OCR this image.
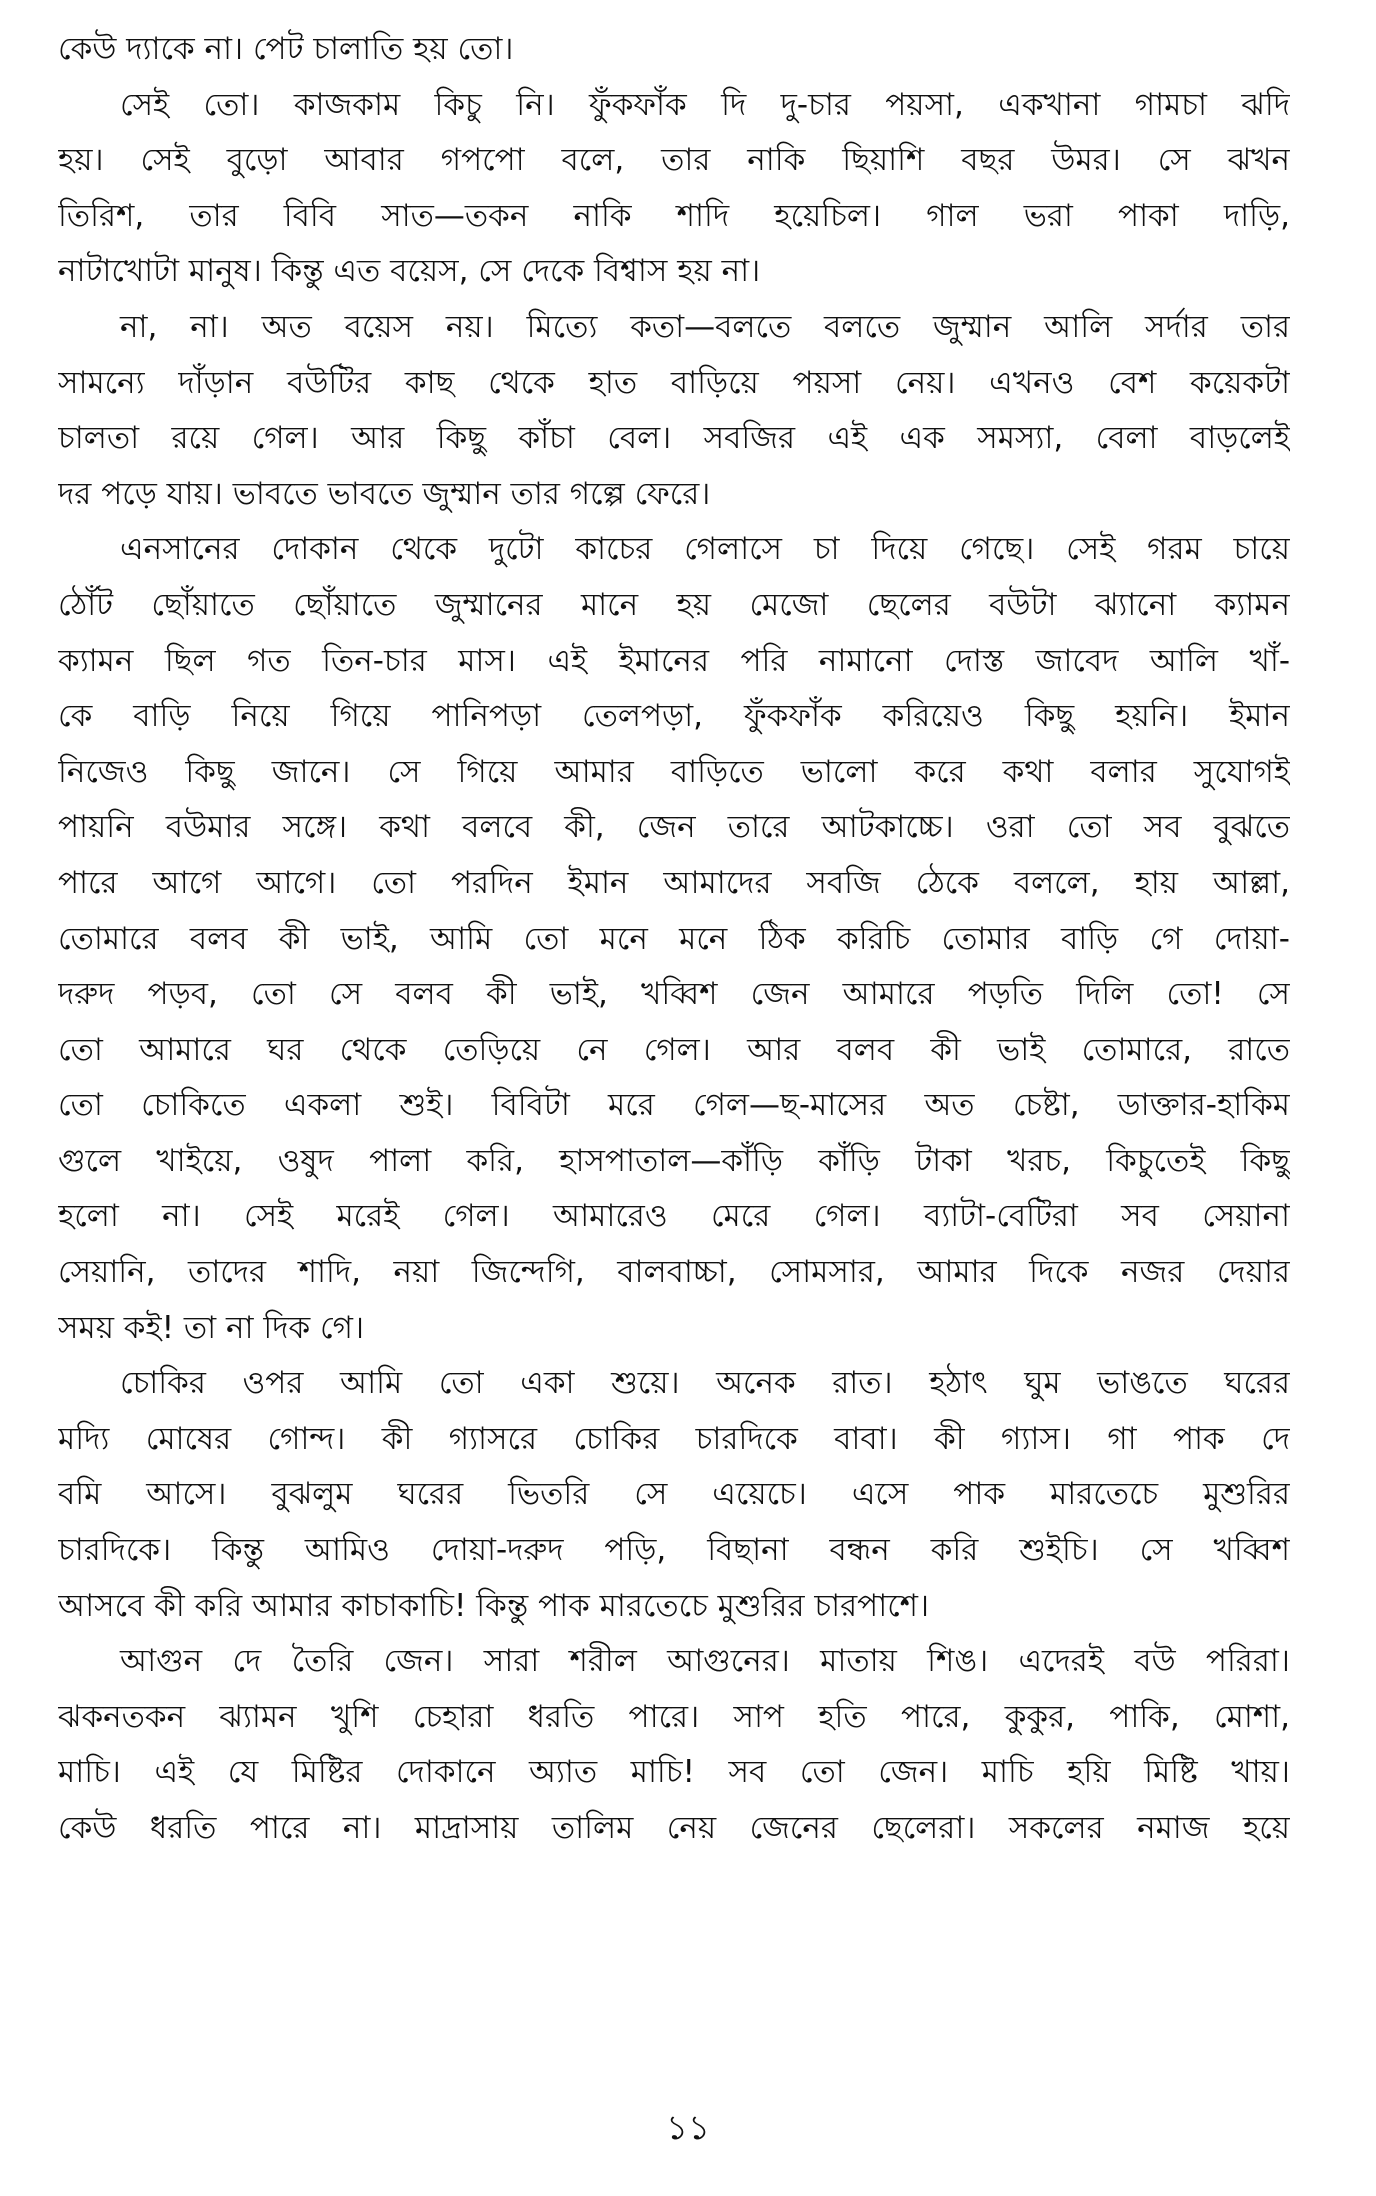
কেউ দ্যাকে না। পেট চালাতি হয় তো।
সেই তো। কাজকাম কিচু নি। ফুঁকফাঁক দি দু-চার পয়সা, একখানা গামচা ঝদি
হয়। সেই বুড়ো আবার গপপো বলে, তার নাকি ছিয়াশি বছর উমর। সে ঝখন
তিরিশ, তার বিবি সাত—তকন নাকি শাদি হয়েচিল। গাল ভরা পাকা দাড়ি,
নাটাখোটা মানুষ। কিন্তু এত বয়েস, সে দেকে বিশ্বাস হয় না।
না, না। অত বয়েস নয়। মিত্যে কতা—বলতে বলতে জুম্মান আলি সর্দার তার
সামন্যে দাঁড়ান বউটির কাছ থেকে হাত বাড়িয়ে পয়সা নেয়। এখনও বেশ কয়েকটা
চালতা রয়ে গেল। আর কিছু কাঁচা বেল। সবজির এই এক সমস্যা, বেলা বাড়লেই
দর পড়ে যায়। ভাবতে ভাবতে জুম্মান তার গল্পে ফেরে।
এনসানের দোকান থেকে দুটো কাচের গেলাসে চা দিয়ে গেছে। সেই গরম চায়ে
ঠোঁট ছোঁয়াতে ছোঁয়াতে জুম্মানের মানে হয় মেজো ছেলের বউটা ঝ্যানো ক্যামন
ক্যামন ছিল গত তিন-চার মাস। এই ইমানের পরি নামানো দোস্ত জাবেদ আলি খাঁ-
কে বাড়ি নিয়ে গিয়ে পানিপড়া তেলপড়া, ফুঁকফাঁক করিয়েও কিছু হয়নি। ইমান
নিজেও কিছু জানে। সে গিয়ে আমার বাড়িতে ভালো করে কথা বলার সুযোগই
পায়নি বউমার সঙ্গে। কথা বলবে কী, জেন তারে আটকাচ্চে। ওরা তো সব বুঝতে
পারে আগে আগে। তো পরদিন ইমান আমাদের সবজি ঠেকে বললে, হায় আল্লা,
তোমারে বলব কী ভাই, আমি তো মনে মনে ঠিক করিচি তোমার বাড়ি গে দোয়া-
দরুদ পড়ব, তো সে বলব কী ভাই, খব্বিশ জেন আমারে পড়তি দিলি তো! সে
তো আমারে ঘর থেকে তেড়িয়ে নে গেল। আর বলব কী ভাই তোমারে, রাতে
তো চোকিতে একলা শুই। বিবিটা মরে গেল—ছ-মাসের অত চেষ্টা, ডাক্তার-হাকিম
গুলে খাইয়ে, ওষুদ পালা করি, হাসপাতাল—কাঁড়ি কাঁড়ি টাকা খরচ, কিচুতেই কিছু
হলো না। সেই মরেই গেল। আমারেও মেরে গেল। ব্যাটা-বেটিরা সব সেয়ানা
সেয়ানি, তাদের শাদি, নয়া জিন্দেগি, বালবাচ্চা, সোমসার, আমার দিকে নজর দেয়ার
সময় কই! তা না দিক গে।
চোকির ওপর আমি তো একা শুয়ে। অনেক রাত। হঠাৎ ঘুম ভাঙতে ঘরের
মদ্যি মোষের গোন্দ। কী গ্যাসরে চোকির চারদিকে বাবা। কী গ্যাস। গা পাক দে
বমি আসে। বুঝলুম ঘরের ভিতরি সে এয়েচে। এসে পাক মারতেচে মুশুরির
চারদিকে। কিন্তু আমিও দোয়া-দরুদ পড়ি, বিছানা বন্ধন করি শুইচি। সে খব্বিশ
আসবে কী করি আমার কাচাকাচি! কিন্তু পাক মারতেচে মুশুরির চারপাশে।
আগুন দে তৈরি জেন। সারা শরীল আগুনের। মাতায় শিঙ। এদেরই বউ পরিরা।
ঝকনতকন ঝ্যামন খুশি চেহারা ধরতি পারে। সাপ হতি পারে, কুকুর, পাকি, মোশা,
মাচি। এই যে মিষ্টির দোকানে অ্যাত মাচি! সব তো জেন। মাচি হয়ি মিষ্টি খায়।
কেউ ধরতি পারে না। মাদ্রাসায় তালিম নেয় জেনের ছেলেরা। সকলের নমাজ হয়ে
১১
